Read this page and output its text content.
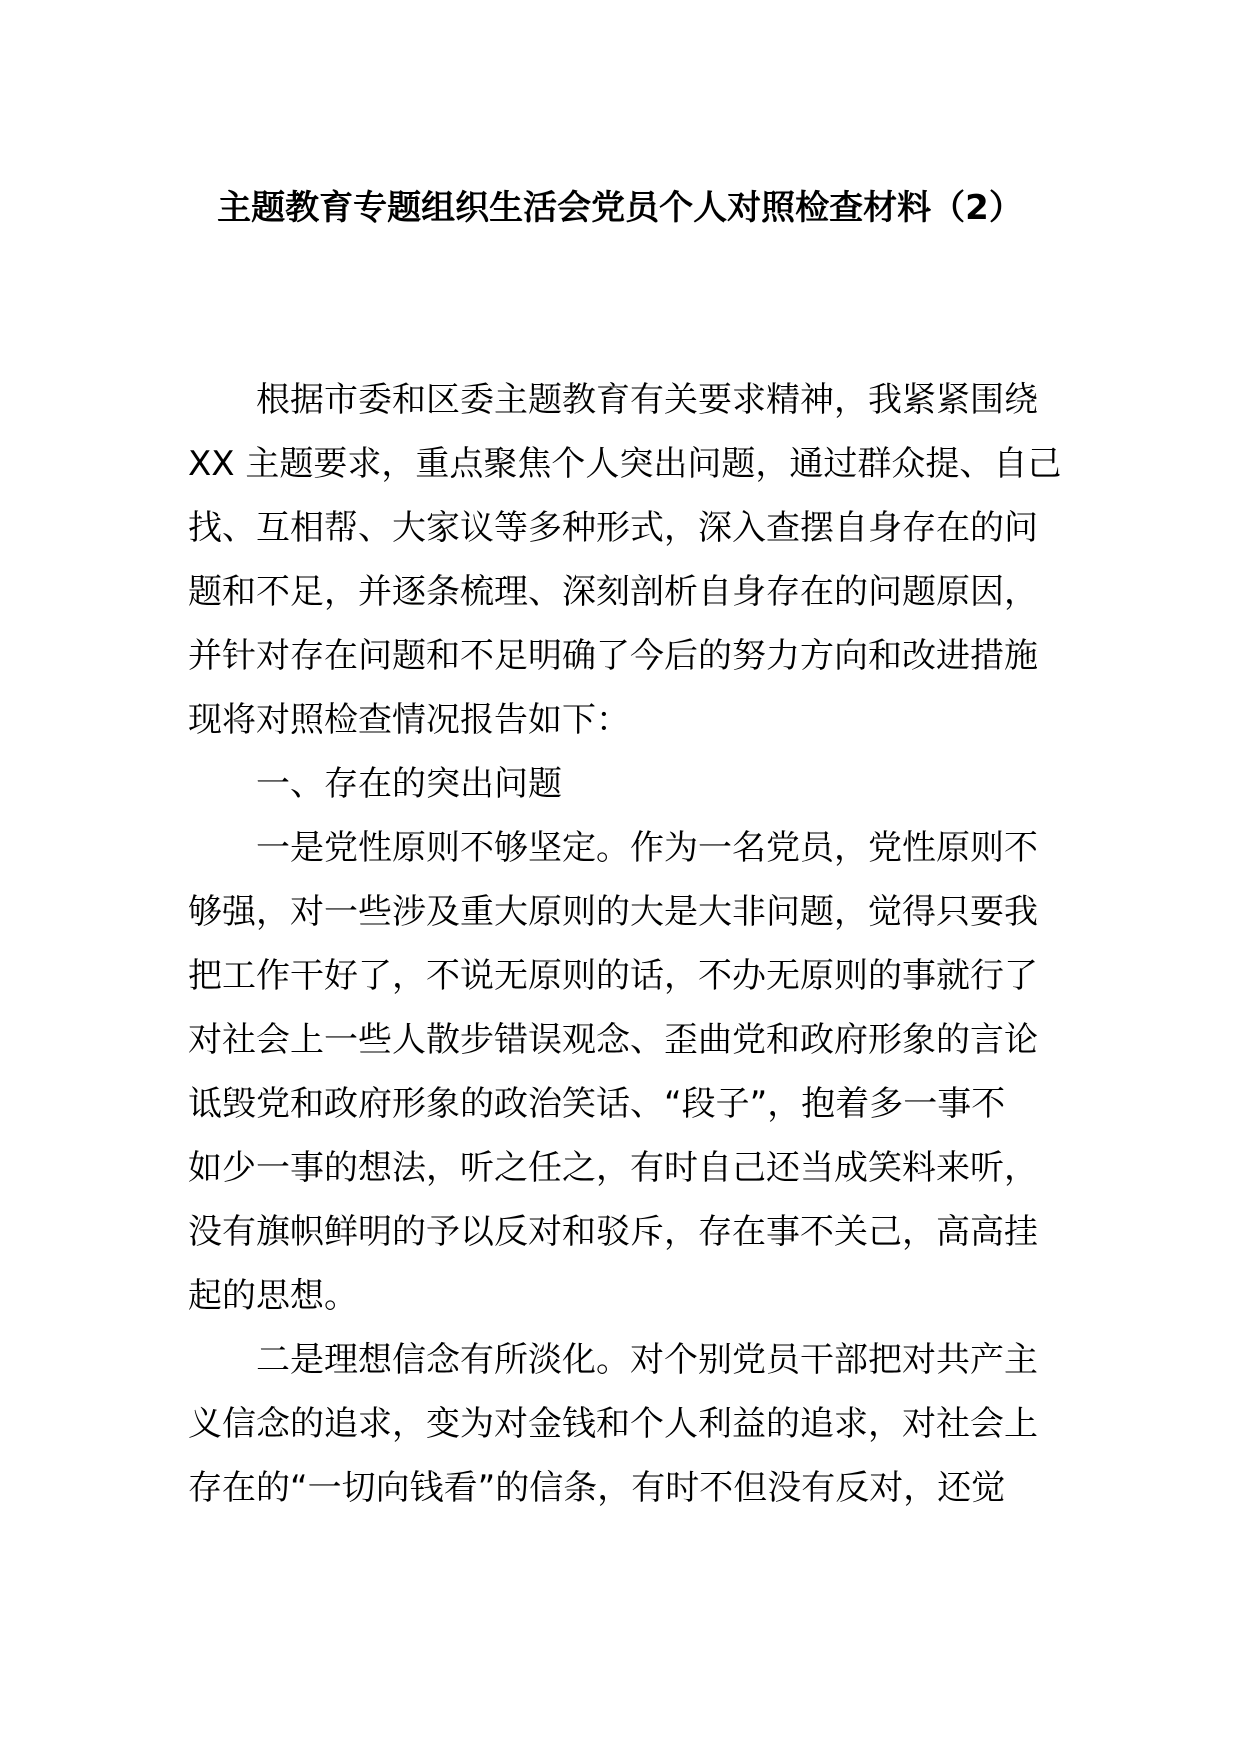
主题教育专题组织生活会党员个人对照检查材料（2）
根据市委和区委主题教育有关要求精神，我紧紧围绕
XX 主题要求，重点聚焦个人突出问题，通过群众提、自己
找、互相帮、大家议等多种形式，深入查摆自身存在的问
题和不足，并逐条梳理、深刻剖析自身存在的问题原因，
并针对存在问题和不足明确了今后的努力方向和改进措施
现将对照检查情况报告如下：
一、存在的突出问题
一是党性原则不够坚定。作为一名党员，党性原则不
够强，对一些涉及重大原则的大是大非问题，觉得只要我
把工作干好了，不说无原则的话，不办无原则的事就行了
对社会上一些人散步错误观念、歪曲党和政府形象的言论
诋毁党和政府形象的政治笑话、“段子”，抱着多一事不
如少一事的想法，听之任之，有时自己还当成笑料来听，
没有旗帜鲜明的予以反对和驳斥，存在事不关己，高高挂
起的思想。
二是理想信念有所淡化。对个别党员干部把对共产主
义信念的追求，变为对金钱和个人利益的追求，对社会上
存在的“一切向钱看”的信条，有时不但没有反对，还觉
